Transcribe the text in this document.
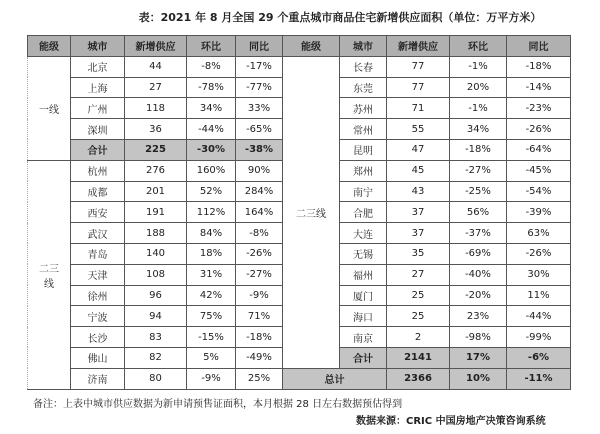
表：2021 年 8 月全国 29 个重点城市商品住宅新增供应面积（单位：万平方米）
能级	城市	新增供应	环比	同比
一线	北京	44	-8%	-17%
	上海	27	-78%	-77%
	广州	118	34%	33%
	深圳	36	-44%	-65%
	合计	225	-30%	-38%
二三线	杭州	276	160%	90%
	成都	201	52%	284%
	西安	191	112%	164%
	武汉	188	84%	-8%
	青岛	140	18%	-26%
	天津	108	31%	-27%
	徐州	96	42%	-9%
	宁波	94	75%	71%
	长沙	83	-15%	-18%
	佛山	82	5%	-49%
	济南	80	-9%	25%
能级	城市	新增供应	环比	同比
二三线	长春	77	-1%	-18%
	东莞	77	20%	-14%
	苏州	71	-1%	-23%
	常州	55	34%	-26%
	昆明	47	-18%	-64%
	郑州	45	-27%	-45%
	南宁	43	-25%	-54%
	合肥	37	56%	-39%
	大连	37	-37%	63%
	无锡	35	-69%	-26%
	福州	27	-40%	30%
	厦门	25	-20%	11%
	海口	25	23%	-44%
	南京	2	-98%	-99%
	合计	2141	17%	-6%
总计		2366	10%	-11%
备注：上表中城市供应数据为新申请预售证面积，本月根据 28 日左右数据预估得到
数据来源：CRIC 中国房地产决策咨询系统
